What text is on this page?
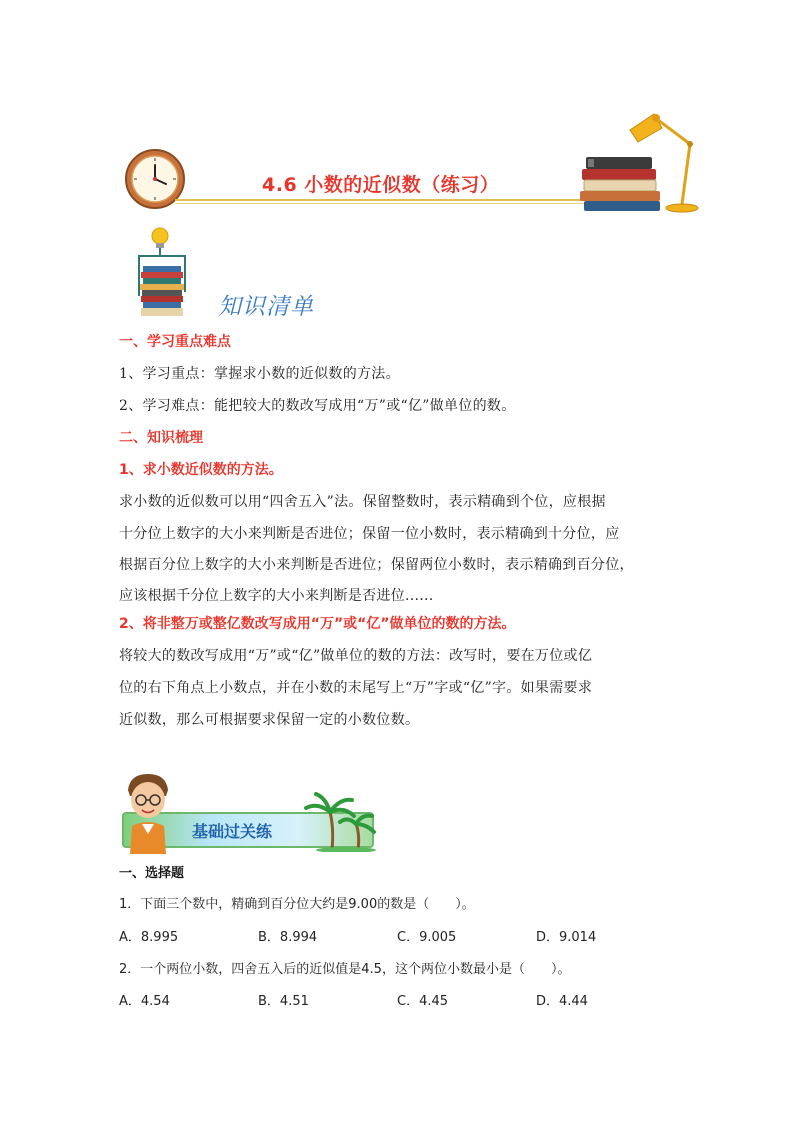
4.6 小数的近似数（练习）
知识清单
一、学习重点难点
1、学习重点：掌握求小数的近似数的方法。
2、学习难点：能把较大的数改写成用“万”或“亿”做单位的数。
二、知识梳理
1、求小数近似数的方法。
求小数的近似数可以用“四舍五入”法。保留整数时，表示精确到个位，应根据
十分位上数字的大小来判断是否进位；保留一位小数时，表示精确到十分位，应
根据百分位上数字的大小来判断是否进位；保留两位小数时，表示精确到百分位，
应该根据千分位上数字的大小来判断是否进位......
2、将非整万或整亿数改写成用“万”或“亿”做单位的数的方法。
将较大的数改写成用“万”或“亿”做单位的数的方法：改写时，要在万位或亿
位的右下角点上小数点，并在小数的末尾写上“万”字或“亿”字。如果需要求
近似数，那么可根据要求保留一定的小数位数。
基础过关练
一、选择题
1．下面三个数中，精确到百分位大约是9.00的数是（　　）。
A．8.995	B．8.994	C．9.005	D．9.014
2．一个两位小数，四舍五入后的近似值是4.5，这个两位小数最小是（　　）。
A．4.54	B．4.51	C．4.45	D．4.44
